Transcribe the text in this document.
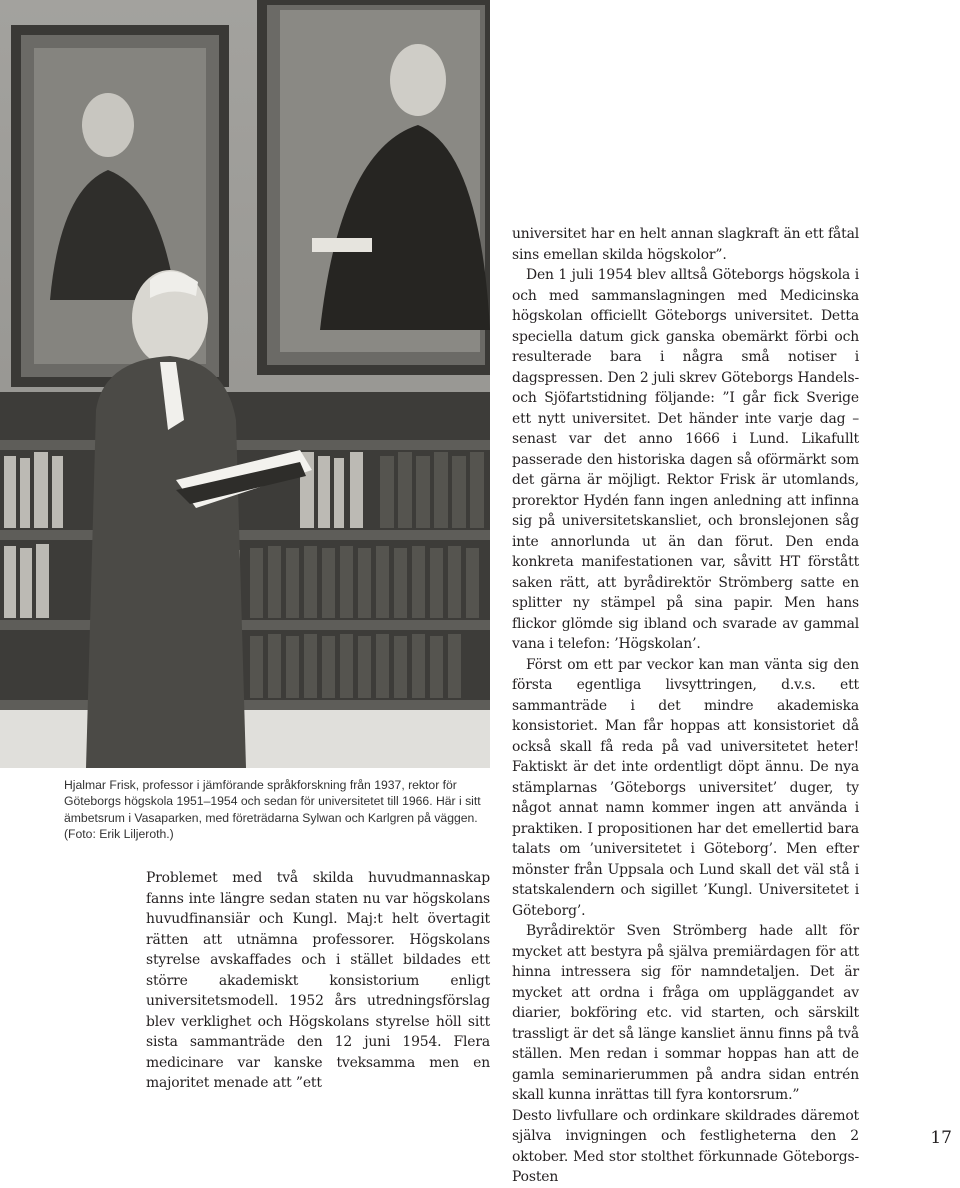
Hjalmar Frisk, professor i jämförande språkforskning från 1937, rektor för Göteborgs högskola 1951–1954 och sedan för universitetet till 1966. Här i sitt ämbetsrum i Vasaparken, med företrädarna Sylwan och Karlgren på väggen. (Foto: Erik Liljeroth.)

Problemet med två skilda huvudmannaskap fanns inte längre sedan staten nu var högskolans huvudfinansiär och Kungl. Maj:t helt övertagit rätten att utnämna professorer. Högskolans styrelse avskaffades och i stället bildades ett större akademiskt konsistorium enligt universitetsmodell. 1952 års utredningsförslag blev verklighet och Högskolans styrelse höll sitt sista sammanträde den 12 juni 1954. Flera medicinare var kanske tveksamma men en majoritet menade att ”ett

universitet har en helt annan slagkraft än ett fåtal sins emellan skilda högskolor”.

Den 1 juli 1954 blev alltså Göteborgs högskola i och med sammanslagningen med Medicinska högskolan officiellt Göteborgs universitet. Detta speciella datum gick ganska obemärkt förbi och resulterade bara i några små notiser i dagspressen. Den 2 juli skrev Göteborgs Handels- och Sjöfartstidning följande: ”I går fick Sverige ett nytt universitet. Det händer inte varje dag – senast var det anno 1666 i Lund. Likafullt passerade den historiska dagen så oförmärkt som det gärna är möjligt. Rektor Frisk är utomlands, prorektor Hydén fann ingen anledning att infinna sig på universitetskansliet, och bronslejonen såg inte annorlunda ut än dan förut. Den enda konkreta manifestationen var, såvitt HT förstått saken rätt, att byrådirektör Strömberg satte en splitter ny stämpel på sina papir. Men hans flickor glömde sig ibland och svarade av gammal vana i telefon: ’Högskolan’.

Först om ett par veckor kan man vänta sig den första egentliga livsyttringen, d.v.s. ett sammanträde i det mindre akademiska konsistoriet. Man får hoppas att konsistoriet då också skall få reda på vad universitetet heter! Faktiskt är det inte ordentligt döpt ännu. De nya stämplarnas ’Göteborgs universitet’ duger, ty något annat namn kommer ingen att använda i praktiken. I propositionen har det emellertid bara talats om ’universitetet i Göteborg’. Men efter mönster från Uppsala och Lund skall det väl stå i statskalendern och sigillet ’Kungl. Universitetet i Göteborg’.

Byrådirektör Sven Strömberg hade allt för mycket att bestyra på själva premiärdagen för att hinna intressera sig för namndetaljen. Det är mycket att ordna i fråga om uppläggandet av diarier, bokföring etc. vid starten, och särskilt trassligt är det så länge kansliet ännu finns på två ställen. Men redan i sommar hoppas han att de gamla seminarierummen på andra sidan entrén skall kunna inrättas till fyra kontorsrum.”

Desto livfullare och ordinkare skildrades däremot själva invigningen och festligheterna den 2 oktober. Med stor stolthet förkunnade Göteborgs-Posten

17
